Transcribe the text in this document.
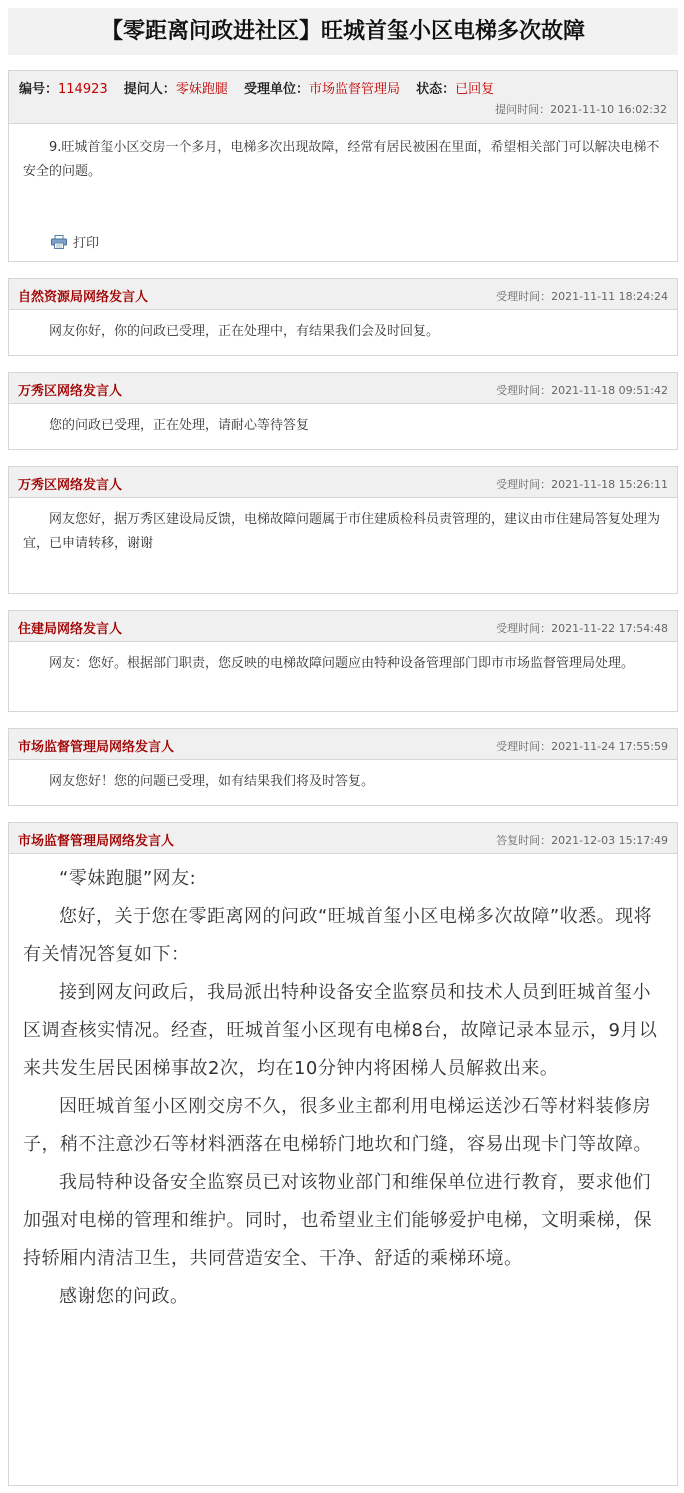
【零距离问政进社区】旺城首玺小区电梯多次故障
编号：114923 提问人：零妹跑腿 受理单位：市场监督管理局 状态：已回复
提问时间：2021-11-10 16:02:32
9.旺城首玺小区交房一个多月，电梯多次出现故障，经常有居民被困在里面，希望相关部门可以解决电梯不安全的问题。
打印
自然资源局网络发言人	受理时间：2021-11-11 18:24:24
网友你好，你的问政已受理，正在处理中，有结果我们会及时回复。
万秀区网络发言人	受理时间：2021-11-18 09:51:42
您的问政已受理，正在处理，请耐心等待答复
万秀区网络发言人	受理时间：2021-11-18 15:26:11
网友您好，据万秀区建设局反馈，电梯故障问题属于市住建质检科员责管理的，建议由市住建局答复处理为宜，已申请转移，谢谢
住建局网络发言人	受理时间：2021-11-22 17:54:48
网友：您好。根据部门职责，您反映的电梯故障问题应由特种设备管理部门即市市场监督管理局处理。
市场监督管理局网络发言人	受理时间：2021-11-24 17:55:59
网友您好！您的问题已受理，如有结果我们将及时答复。
市场监督管理局网络发言人	答复时间：2021-12-03 15:17:49

“零妹跑腿”网友:

您好，关于您在零距离网的问政“旺城首玺小区电梯多次故障”收悉。现将有关情况答复如下：

接到网友问政后，我局派出特种设备安全监察员和技术人员到旺城首玺小区调查核实情况。经查，旺城首玺小区现有电梯8台，故障记录本显示，9月以来共发生居民困梯事故2次，均在10分钟内将困梯人员解救出来。

因旺城首玺小区刚交房不久，很多业主都利用电梯运送沙石等材料装修房子，稍不注意沙石等材料洒落在电梯轿门地坎和门缝，容易出现卡门等故障。

我局特种设备安全监察员已对该物业部门和维保单位进行教育，要求他们加强对电梯的管理和维护。同时，也希望业主们能够爱护电梯，文明乘梯，保持轿厢内清洁卫生，共同营造安全、干净、舒适的乘梯环境。

感谢您的问政。
